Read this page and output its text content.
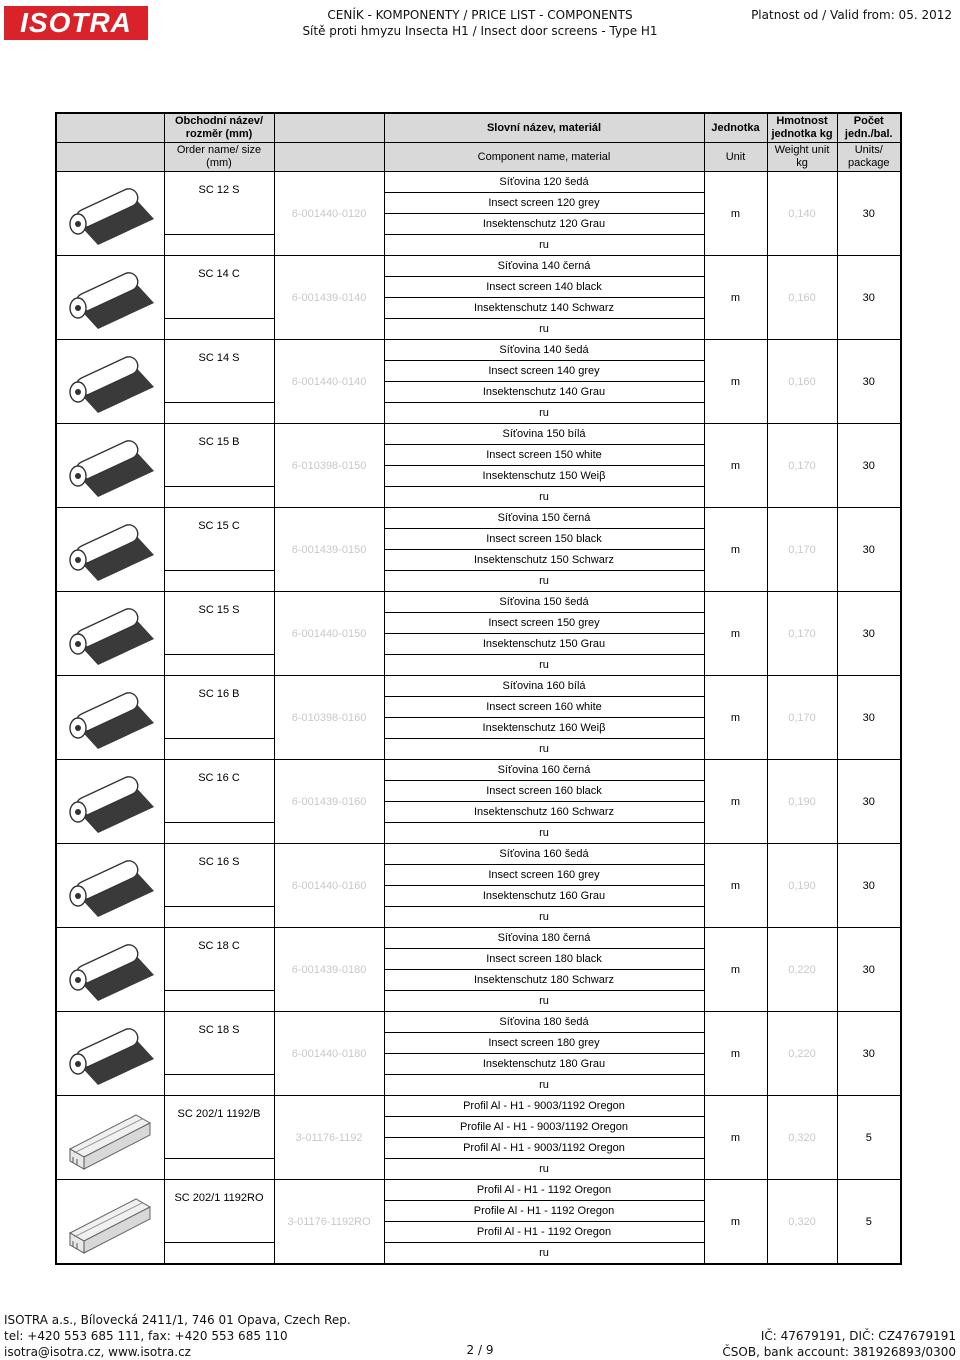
ISOTRA	CENÍK - KOMPONENTY / PRICE LIST - COMPONENTS
Sítě proti hmyzu Insecta H1 / Insect door screens - Type H1
Platnost od / Valid from: 05. 2012
	Obchodní název/ rozměr (mm)		Slovní název, materiál	Jednotka	Hmotnost jednotka kg	Počet jedn./bal.
	Order name/ size (mm)		Component name, material	Unit	Weight unit kg	Units/ package

	SC 12 S	6-001440-0120	Síťovina 120 šedá	m	0,140	30
			Insect screen 120 grey			
			Insektenschutz 120 Grau			
			ru			

	SC 14 C	6-001439-0140	Síťovina 140 černá	m	0,160	30
			Insect screen 140 black			
			Insektenschutz 140 Schwarz			
			ru			

	SC 14 S	6-001440-0140	Síťovina 140 šedá	m	0,160	30
			Insect screen 140 grey			
			Insektenschutz 140 Grau			
			ru			

	SC 15 B	6-010398-0150	Síťovina 150 bílá	m	0,170	30
			Insect screen 150 white			
			Insektenschutz 150 Weiβ			
			ru			

	SC 15 C	6-001439-0150	Síťovina 150 černá	m	0,170	30
			Insect screen 150 black			
			Insektenschutz 150 Schwarz			
			ru			

	SC 15 S	6-001440-0150	Síťovina 150 šedá	m	0,170	30
			Insect screen 150 grey			
			Insektenschutz 150 Grau			
			ru			

	SC 16 B	6-010398-0160	Síťovina 160 bílá	m	0,170	30
			Insect screen 160 white			
			Insektenschutz 160 Weiβ			
			ru			

	SC 16 C	6-001439-0160	Síťovina 160 černá	m	0,190	30
			Insect screen 160 black			
			Insektenschutz 160 Schwarz			
			ru			

	SC 16 S	6-001440-0160	Síťovina 160 šedá	m	0,190	30
			Insect screen 160 grey			
			Insektenschutz 160 Grau			
			ru			

	SC 18 C	6-001439-0180	Síťovina 180 černá	m	0,220	30
			Insect screen 180 black			
			Insektenschutz 180 Schwarz			
			ru			

	SC 18 S	6-001440-0180	Síťovina 180 šedá	m	0,220	30
			Insect screen 180 grey			
			Insektenschutz 180 Grau			
			ru			

	SC 202/1 1192/B	3-01176-1192	Profil Al - H1 - 9003/1192 Oregon	m	0,320	5
			Profile Al - H1 - 9003/1192 Oregon			
			Profil Al - H1 - 9003/1192 Oregon			
			ru			

	SC 202/1 1192RO	3-01176-1192RO	Profil Al - H1 - 1192 Oregon	m	0,320	5
			Profile Al - H1 - 1192 Oregon			
			Profil Al - H1 - 1192 Oregon			
			ru			
ISOTRA a.s., Bílovecká 2411/1, 746 01 Opava, Czech Rep.
tel: +420 553 685 111, fax: +420 553 685 110
isotra@isotra.cz, www.isotra.cz	2 / 9
IČ: 47679191, DIČ: CZ47679191
ČSOB, bank account: 381926893/0300
